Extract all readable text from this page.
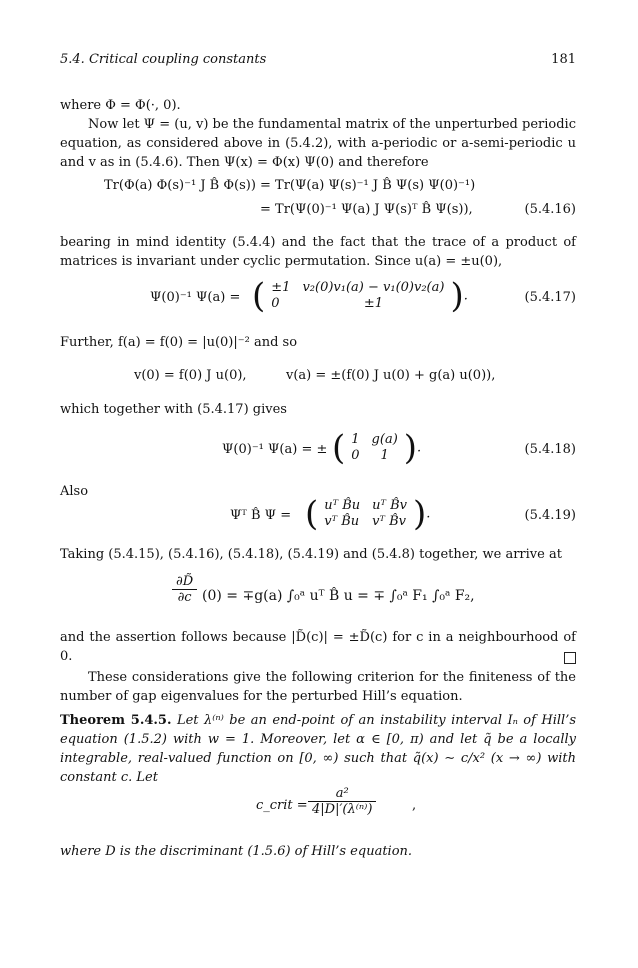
5.4. Critical coupling constants	181
where Φ = Φ(·, 0).
Now let Ψ = (u, v) be the fundamental matrix of the unperturbed periodic equation, as considered above in (5.4.2), with a-periodic or a-semi-periodic u and v as in (5.4.6). Then Ψ(x) = Φ(x) Ψ(0) and therefore
Tr(Φ(a) Φ(s)⁻¹ J B̂ Φ(s)) = Tr(Ψ(a) Ψ(s)⁻¹ J B̂ Ψ(s) Ψ(0)⁻¹)
= Tr(Ψ(0)⁻¹ Ψ(a) J Ψ(s)ᵀ B̂ Ψ(s)),	(5.4.16)
bearing in mind identity (5.4.4) and the fact that the trace of a product of matrices is invariant under cyclic permutation. Since u(a) = ±u(0),
Ψ(0)⁻¹ Ψ(a) = ( ±1	v₂(0)v₁(a) − v₁(0)v₂(a)
0	±1 ).	(5.4.17)
Further, f(a) = f(0) = |u(0)|⁻² and so
v(0) = f(0) J u(0),	v(a) = ±(f(0) J u(0) + g(a) u(0)),
which together with (5.4.17) gives
Ψ(0)⁻¹ Ψ(a) = ± ( 1	g(a)
0	1 ).	(5.4.18)
Also
Ψᵀ B̂ Ψ = ( uᵀ B̂u	uᵀ B̂v
vᵀ B̂u	vᵀ B̂v ).	(5.4.19)
Taking (5.4.15), (5.4.16), (5.4.18), (5.4.19) and (5.4.8) together, we arrive at
$\frac{\partial D̃}{\partial c} (0) = \mp g(a)$ ∫₀ᵃ uᵀ B̂ u = ∓ ∫₀ᵃ F₁ ∫₀ᵃ F₂,
and the assertion follows because |D̃(c)| = ±D̃(c) for c in a neighbourhood of 0.
These considerations give the following criterion for the finiteness of the number of gap eigenvalues for the perturbed Hill’s equation.
Theorem 5.4.5. Let λ⁽ⁿ⁾ be an end-point of an instability interval Iₙ of Hill’s equation (1.5.2) with w = 1. Moreover, let α ∈ [0, π) and let q̃ be a locally integrable, real-valued function on [0, ∞) such that q̃(x) ∼ c/x² (x → ∞) with constant c. Let
c_crit = $\frac{\text{a²}}{\text{4|D|′(λ⁽ⁿ⁾)}}$	,
where D is the discriminant (1.5.6) of Hill’s equation.
